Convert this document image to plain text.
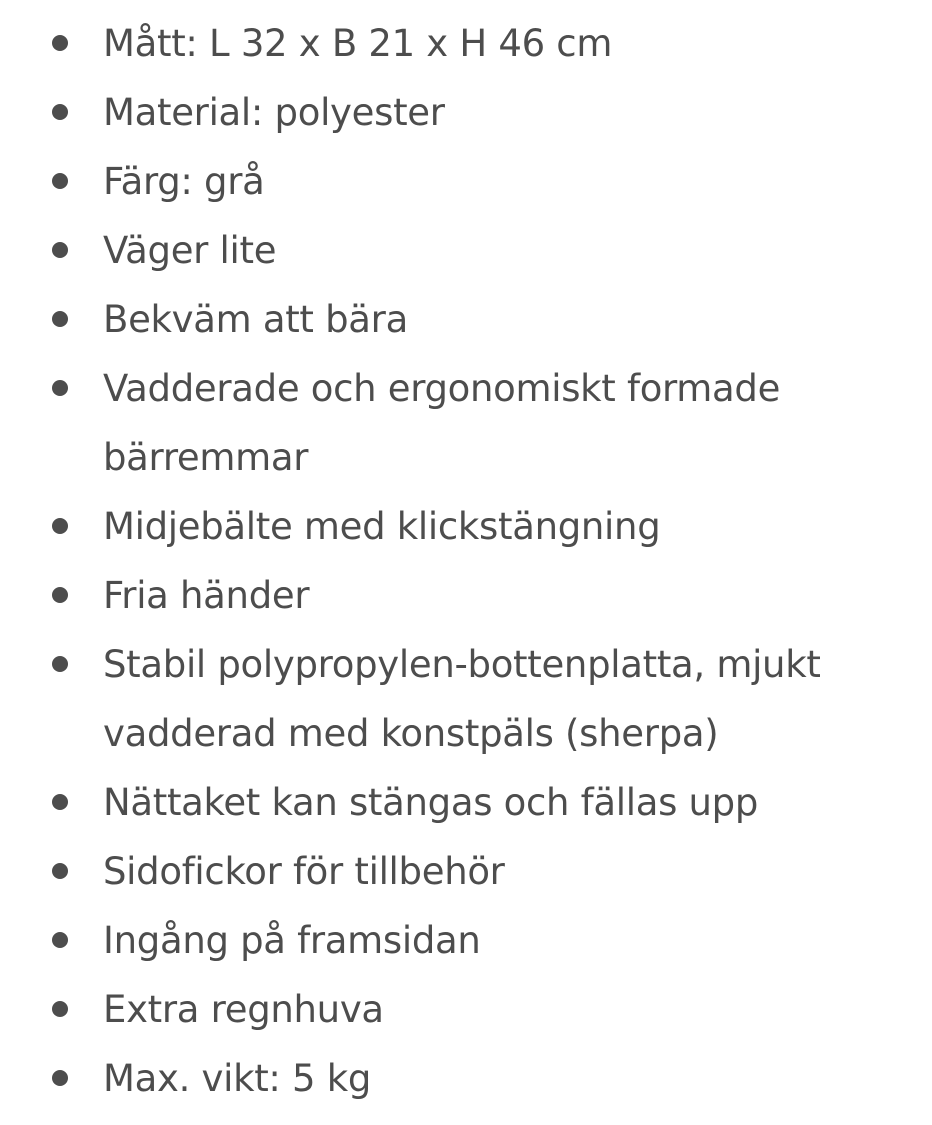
Mått: L 32 x B 21 x H 46 cm
Material: polyester
Färg: grå
Väger lite
Bekväm att bära
Vadderade och ergonomiskt formade
bärremmar
Midjebälte med klickstängning
Fria händer
Stabil polypropylen-bottenplatta, mjukt
vadderad med konstpäls (sherpa)
Nättaket kan stängas och fällas upp
Sidofickor för tillbehör
Ingång på framsidan
Extra regnhuva
Max. vikt: 5 kg
